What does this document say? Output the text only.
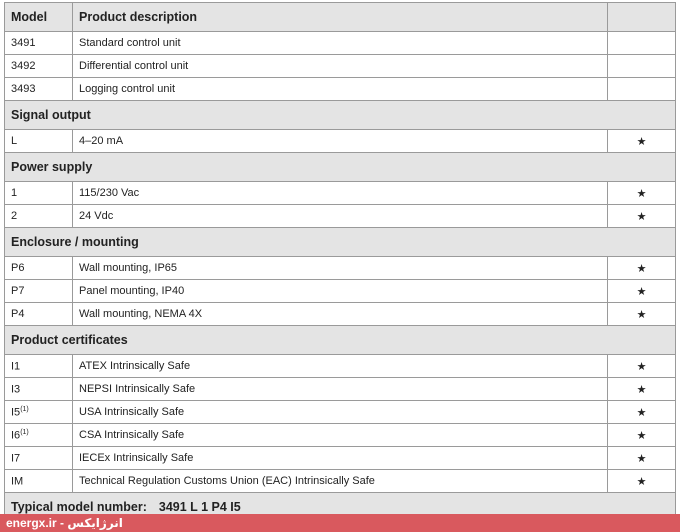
Model	Product description	
3491	Standard control unit	
3492	Differential control unit	
3493	Logging control unit	
Signal output		
L	4–20 mA	★
Power supply		
1	115/230 Vac	★
2	24 Vdc	★
Enclosure / mounting		
P6	Wall mounting, IP65	★
P7	Panel mounting, IP40	★
P4	Wall mounting, NEMA 4X	★
Product certificates		
I1	ATEX Intrinsically Safe	★
I3	NEPSI Intrinsically Safe	★
I5$^{(1)}$	USA Intrinsically Safe	★
I6$^{(1)}$	CSA Intrinsically Safe	★
I7	IECEx Intrinsically Safe	★
IM	Technical Regulation Customs Union (EAC) Intrinsically Safe	★
Typical model number: 3491 L 1 P4 I5		
energx.ir - انرژایکس
